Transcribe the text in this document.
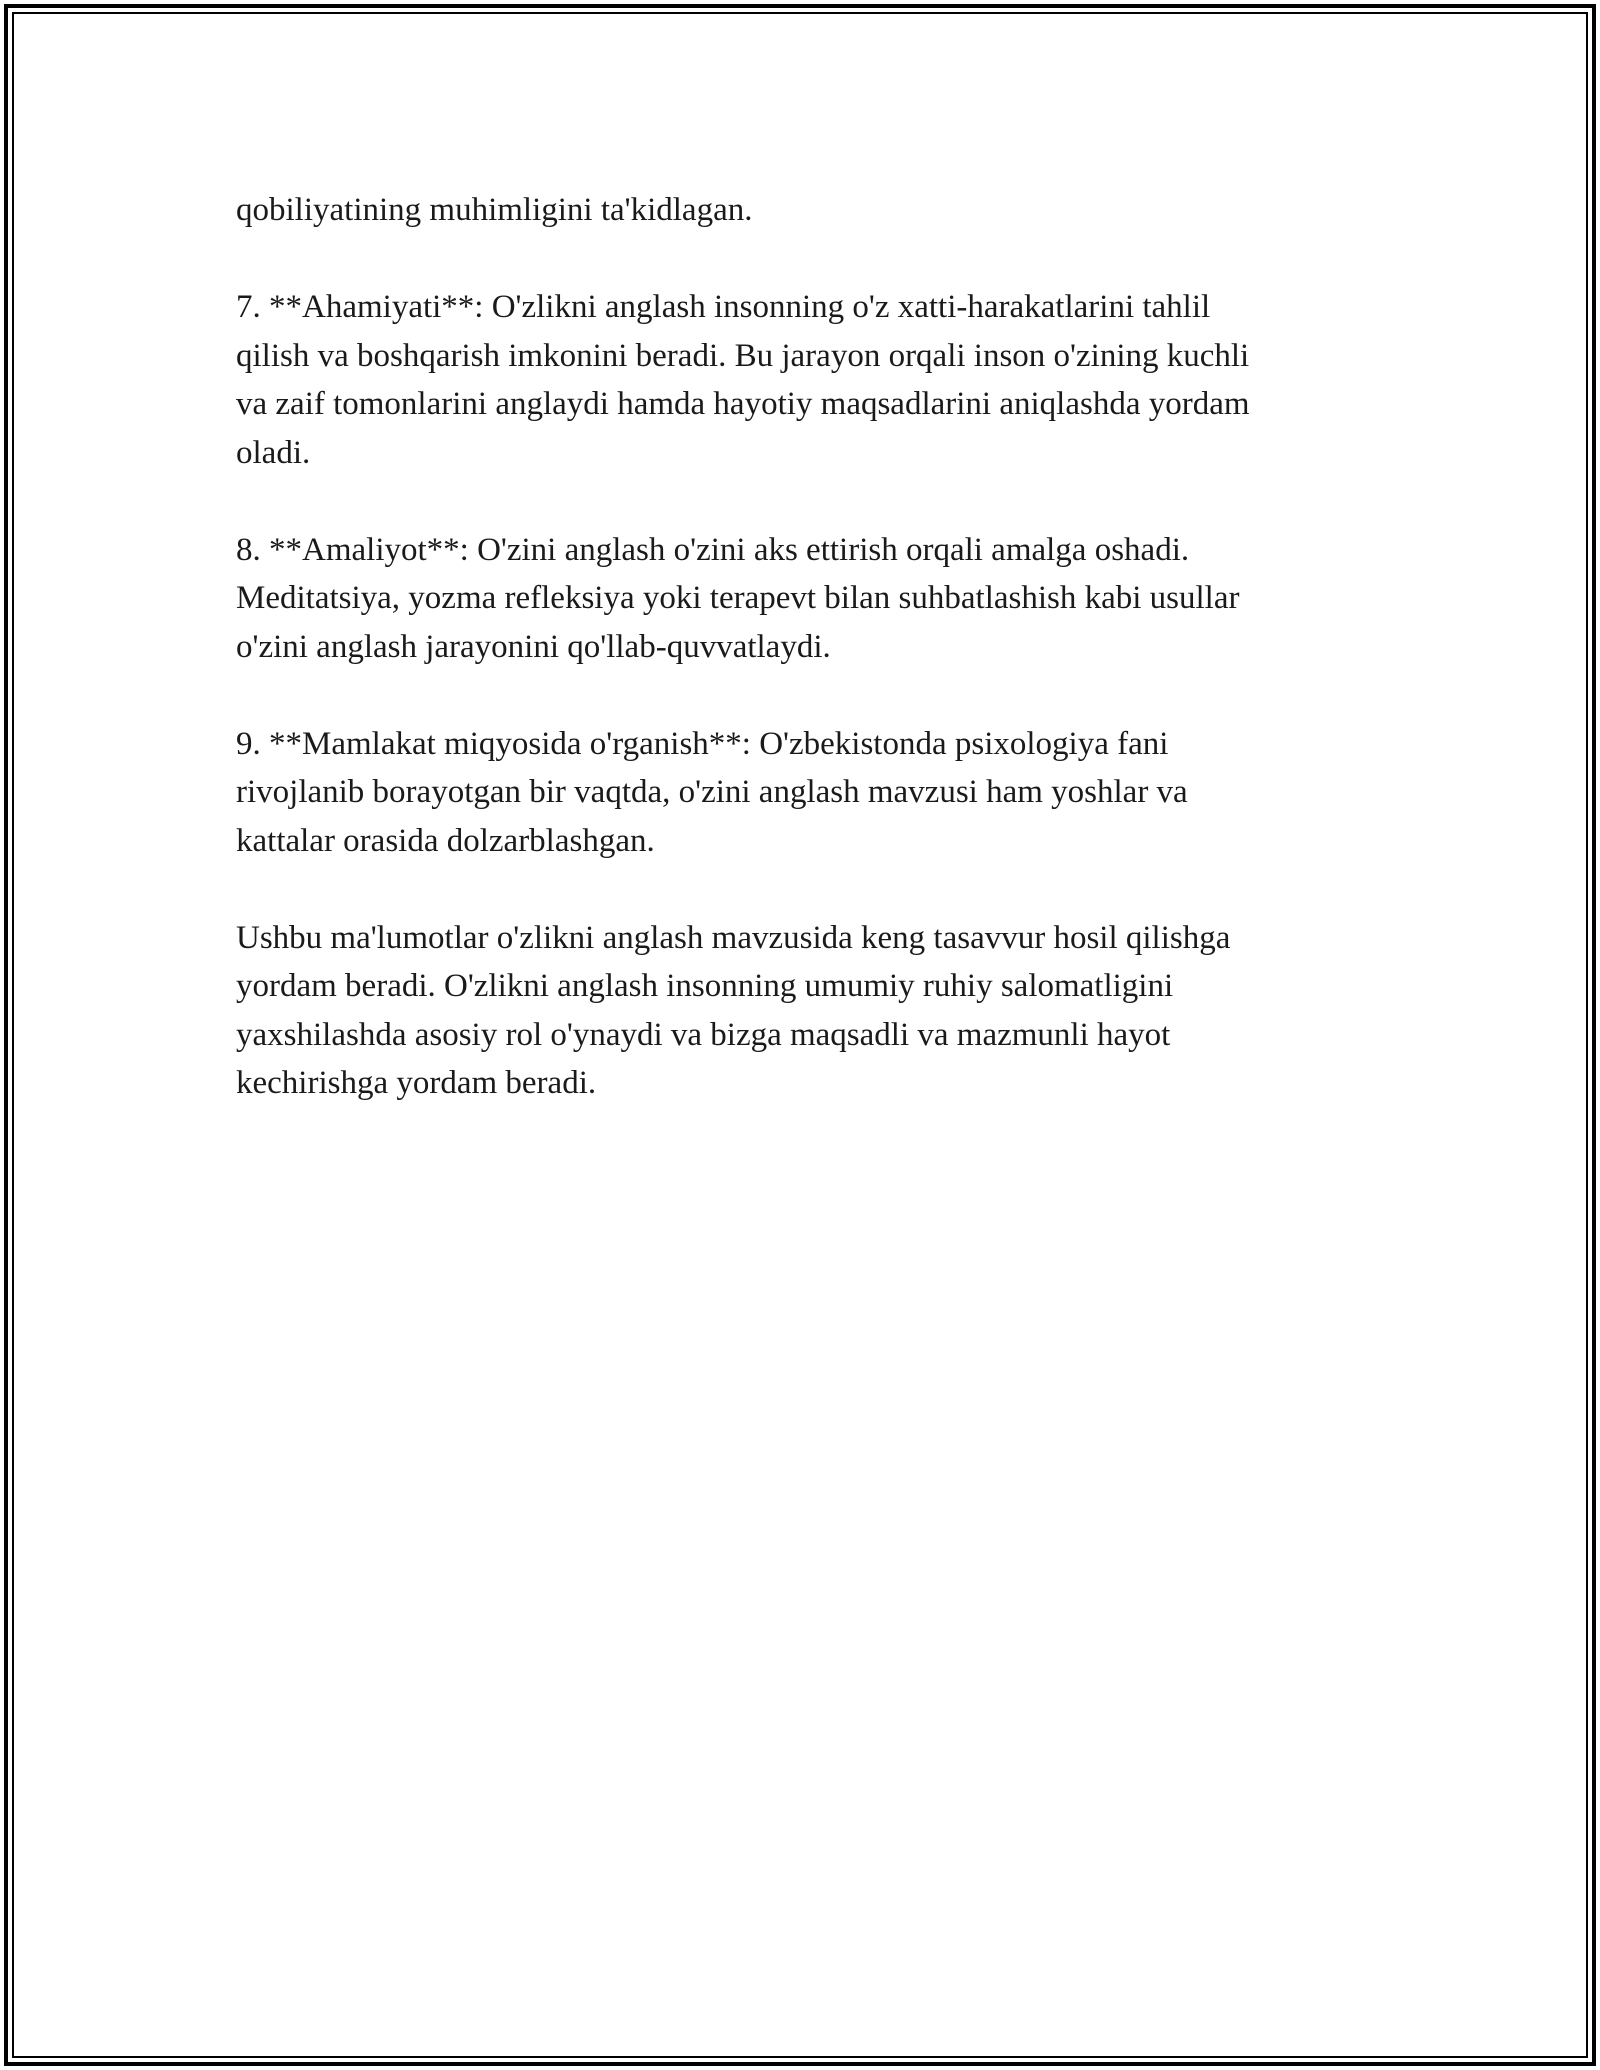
qobiliyatining muhimligini ta'kidlagan.

7. **Ahamiyati**: O'zlikni anglash insonning o'z xatti-harakatlarini tahlil
qilish va boshqarish imkonini beradi. Bu jarayon orqali inson o'zining kuchli
va zaif tomonlarini anglaydi hamda hayotiy maqsadlarini aniqlashda yordam
oladi.

8. **Amaliyot**: O'zini anglash o'zini aks ettirish orqali amalga oshadi.
Meditatsiya, yozma refleksiya yoki terapevt bilan suhbatlashish kabi usullar
o'zini anglash jarayonini qo'llab-quvvatlaydi.

9. **Mamlakat miqyosida o'rganish**: O'zbekistonda psixologiya fani
rivojlanib borayotgan bir vaqtda, o'zini anglash mavzusi ham yoshlar va
kattalar orasida dolzarblashgan.

Ushbu ma'lumotlar o'zlikni anglash mavzusida keng tasavvur hosil qilishga
yordam beradi. O'zlikni anglash insonning umumiy ruhiy salomatligini
yaxshilashda asosiy rol o'ynaydi va bizga maqsadli va mazmunli hayot
kechirishga yordam beradi.
